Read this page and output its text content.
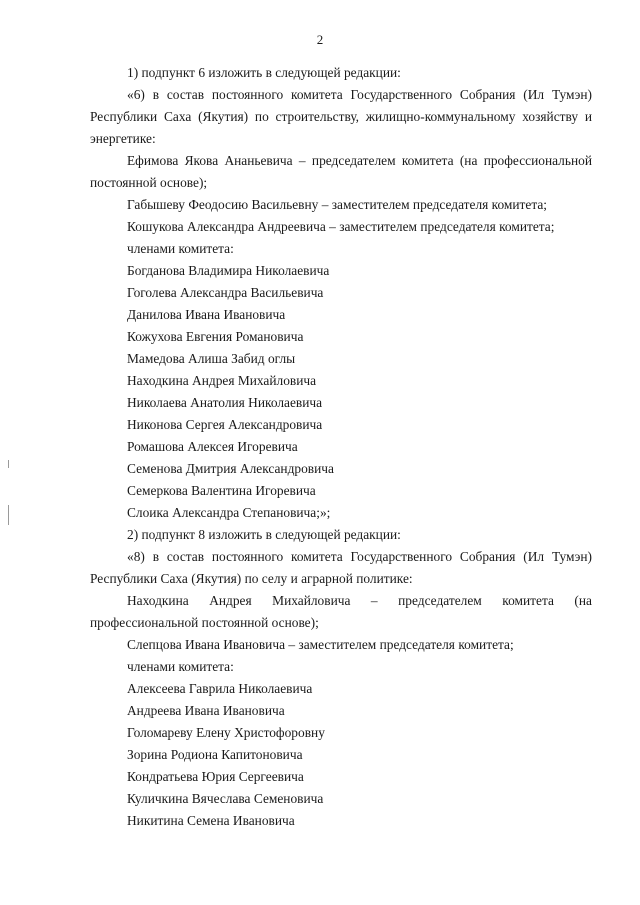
2

1) подпункт 6 изложить в следующей редакции:

«6) в состав постоянного комитета Государственного Собрания (Ил Тумэн) Республики Саха (Якутия) по строительству, жилищно-коммунальному хозяйству и энергетике:

Ефимова Якова Ананьевича – председателем комитета (на профессиональной постоянной основе);

Габышеву Феодосию Васильевну – заместителем председателя комитета;

Кошукова Александра Андреевича – заместителем председателя комитета;

членами комитета:

Богданова Владимира Николаевича

Гоголева Александра Васильевича

Данилова Ивана Ивановича

Кожухова Евгения Романовича

Мамедова Алиша Забид оглы

Находкина Андрея Михайловича

Николаева Анатолия Николаевича

Никонова Сергея Александровича

Ромашова Алексея Игоревича

Семенова Дмитрия Александровича

Семеркова Валентина Игоревича

Слоика Александра Степановича;»;

2) подпункт 8 изложить в следующей редакции:

«8) в состав постоянного комитета Государственного Собрания (Ил Тумэн) Республики Саха (Якутия) по селу и аграрной политике:

Находкина Андрея Михайловича – председателем комитета (на профессиональной постоянной основе);

Слепцова Ивана Ивановича – заместителем председателя комитета;

членами комитета:

Алексеева Гаврила Николаевича

Андреева Ивана Ивановича

Голомареву Елену Христофоровну

Зорина Родиона Капитоновича

Кондратьева Юрия Сергеевича

Куличкина Вячеслава Семеновича

Никитина Семена Ивановича
